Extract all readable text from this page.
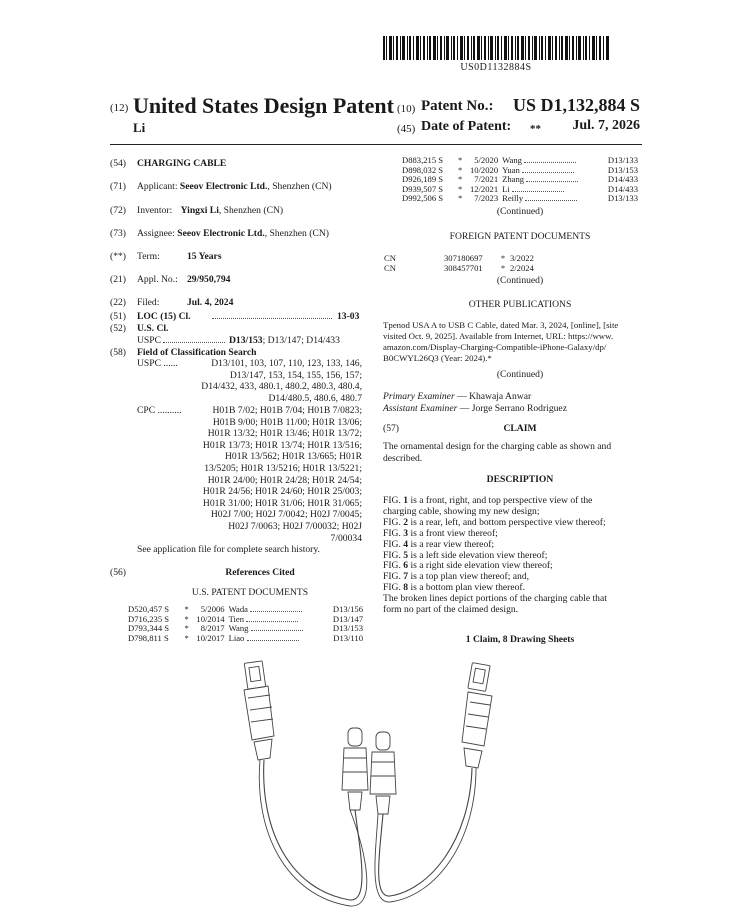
US0D1132884S
(12) United States Design Patent
Li
(10) Patent No.:	US D1,132,884 S
(45) Date of Patent: **	Jul. 7, 2026
(54) CHARGING CABLE
(71) Applicant: Seeov Electronic Ltd., Shenzhen (CN)
(72) Inventor: Yingxi Li, Shenzhen (CN)
(73) Assignee: Seeov Electronic Ltd., Shenzhen (CN)
(**) Term:	15 Years
(21) Appl. No.: 29/950,794
(22) Filed:	Jul. 4, 2024
(51) LOC (15) Cl.	13-03
(52) U.S. Cl.
USPC	D13/153; D13/147; D14/433
(58) Field of Classification Search
USPC ......	D13/101, 103, 107, 110, 123, 133, 146,
D13/147, 153, 154, 155, 156, 157;
D14/432, 433, 480.1, 480.2, 480.3, 480.4,
D14/480.5, 480.6, 480.7
CPC ..........	H01B 7/02; H01B 7/04; H01B 7/0823;
H01B 9/00; H01B 11/00; H01R 13/06;
H01R 13/32; H01R 13/46; H01R 13/72;
H01R 13/73; H01R 13/74; H01R 13/516;
H01R 13/562; H01R 13/665; H01R
13/5205; H01R 13/5216; H01R 13/5221;
H01R 24/00; H01R 24/28; H01R 24/54;
H01R 24/56; H01R 24/60; H01R 25/003;
H01R 31/00; H01R 31/06; H01R 31/065;
H02J 7/00; H02J 7/0042; H02J 7/0045;
H02J 7/0063; H02J 7/00032; H02J
7/00034
See application file for complete search history.
(56)	References Cited
U.S. PATENT DOCUMENTS
D520,457 S	*	5/2006	Wada	D13/156
D716,235 S	*	10/2014	Tien	D13/147
D793,344 S	*	8/2017	Wang	D13/153
D798,811 S	*	10/2017	Liao	D13/110
D883,215 S	*	5/2020	Wang	D13/133
D898,032 S	*	10/2020	Yuan	D13/153
D926,189 S	*	7/2021	Zhang	D14/433
D939,507 S	*	12/2021	Li	D14/433
D992,506 S	*	7/2023	Reilly	D13/133
(Continued)
FOREIGN PATENT DOCUMENTS
CN	307180697	*	3/2022
CN	308457701	*	2/2024
(Continued)
OTHER PUBLICATIONS
Tpenod USA A to USB C Cable, dated Mar. 3, 2024, [online], [site
visited Oct. 9, 2025]. Available from Internet, URL: https://www.
amazon.com/Display-Charging-Compatible-iPhone-Galaxy/dp/
B0CWYL26Q3 (Year: 2024).*
(Continued)
Primary Examiner — Khawaja Anwar
Assistant Examiner — Jorge Serrano Rodriguez
(57)	CLAIM
The ornamental design for the charging cable as shown and
described.
DESCRIPTION
FIG. 1 is a front, right, and top perspective view of the
charging cable, showing my new design;
FIG. 2 is a rear, left, and bottom perspective view thereof;
FIG. 3 is a front view thereof;
FIG. 4 is a rear view thereof;
FIG. 5 is a left side elevation view thereof;
FIG. 6 is a right side elevation view thereof;
FIG. 7 is a top plan view thereof; and,
FIG. 8 is a bottom plan view thereof.
The broken lines depict portions of the charging cable that
form no part of the claimed design.
1 Claim, 8 Drawing Sheets
